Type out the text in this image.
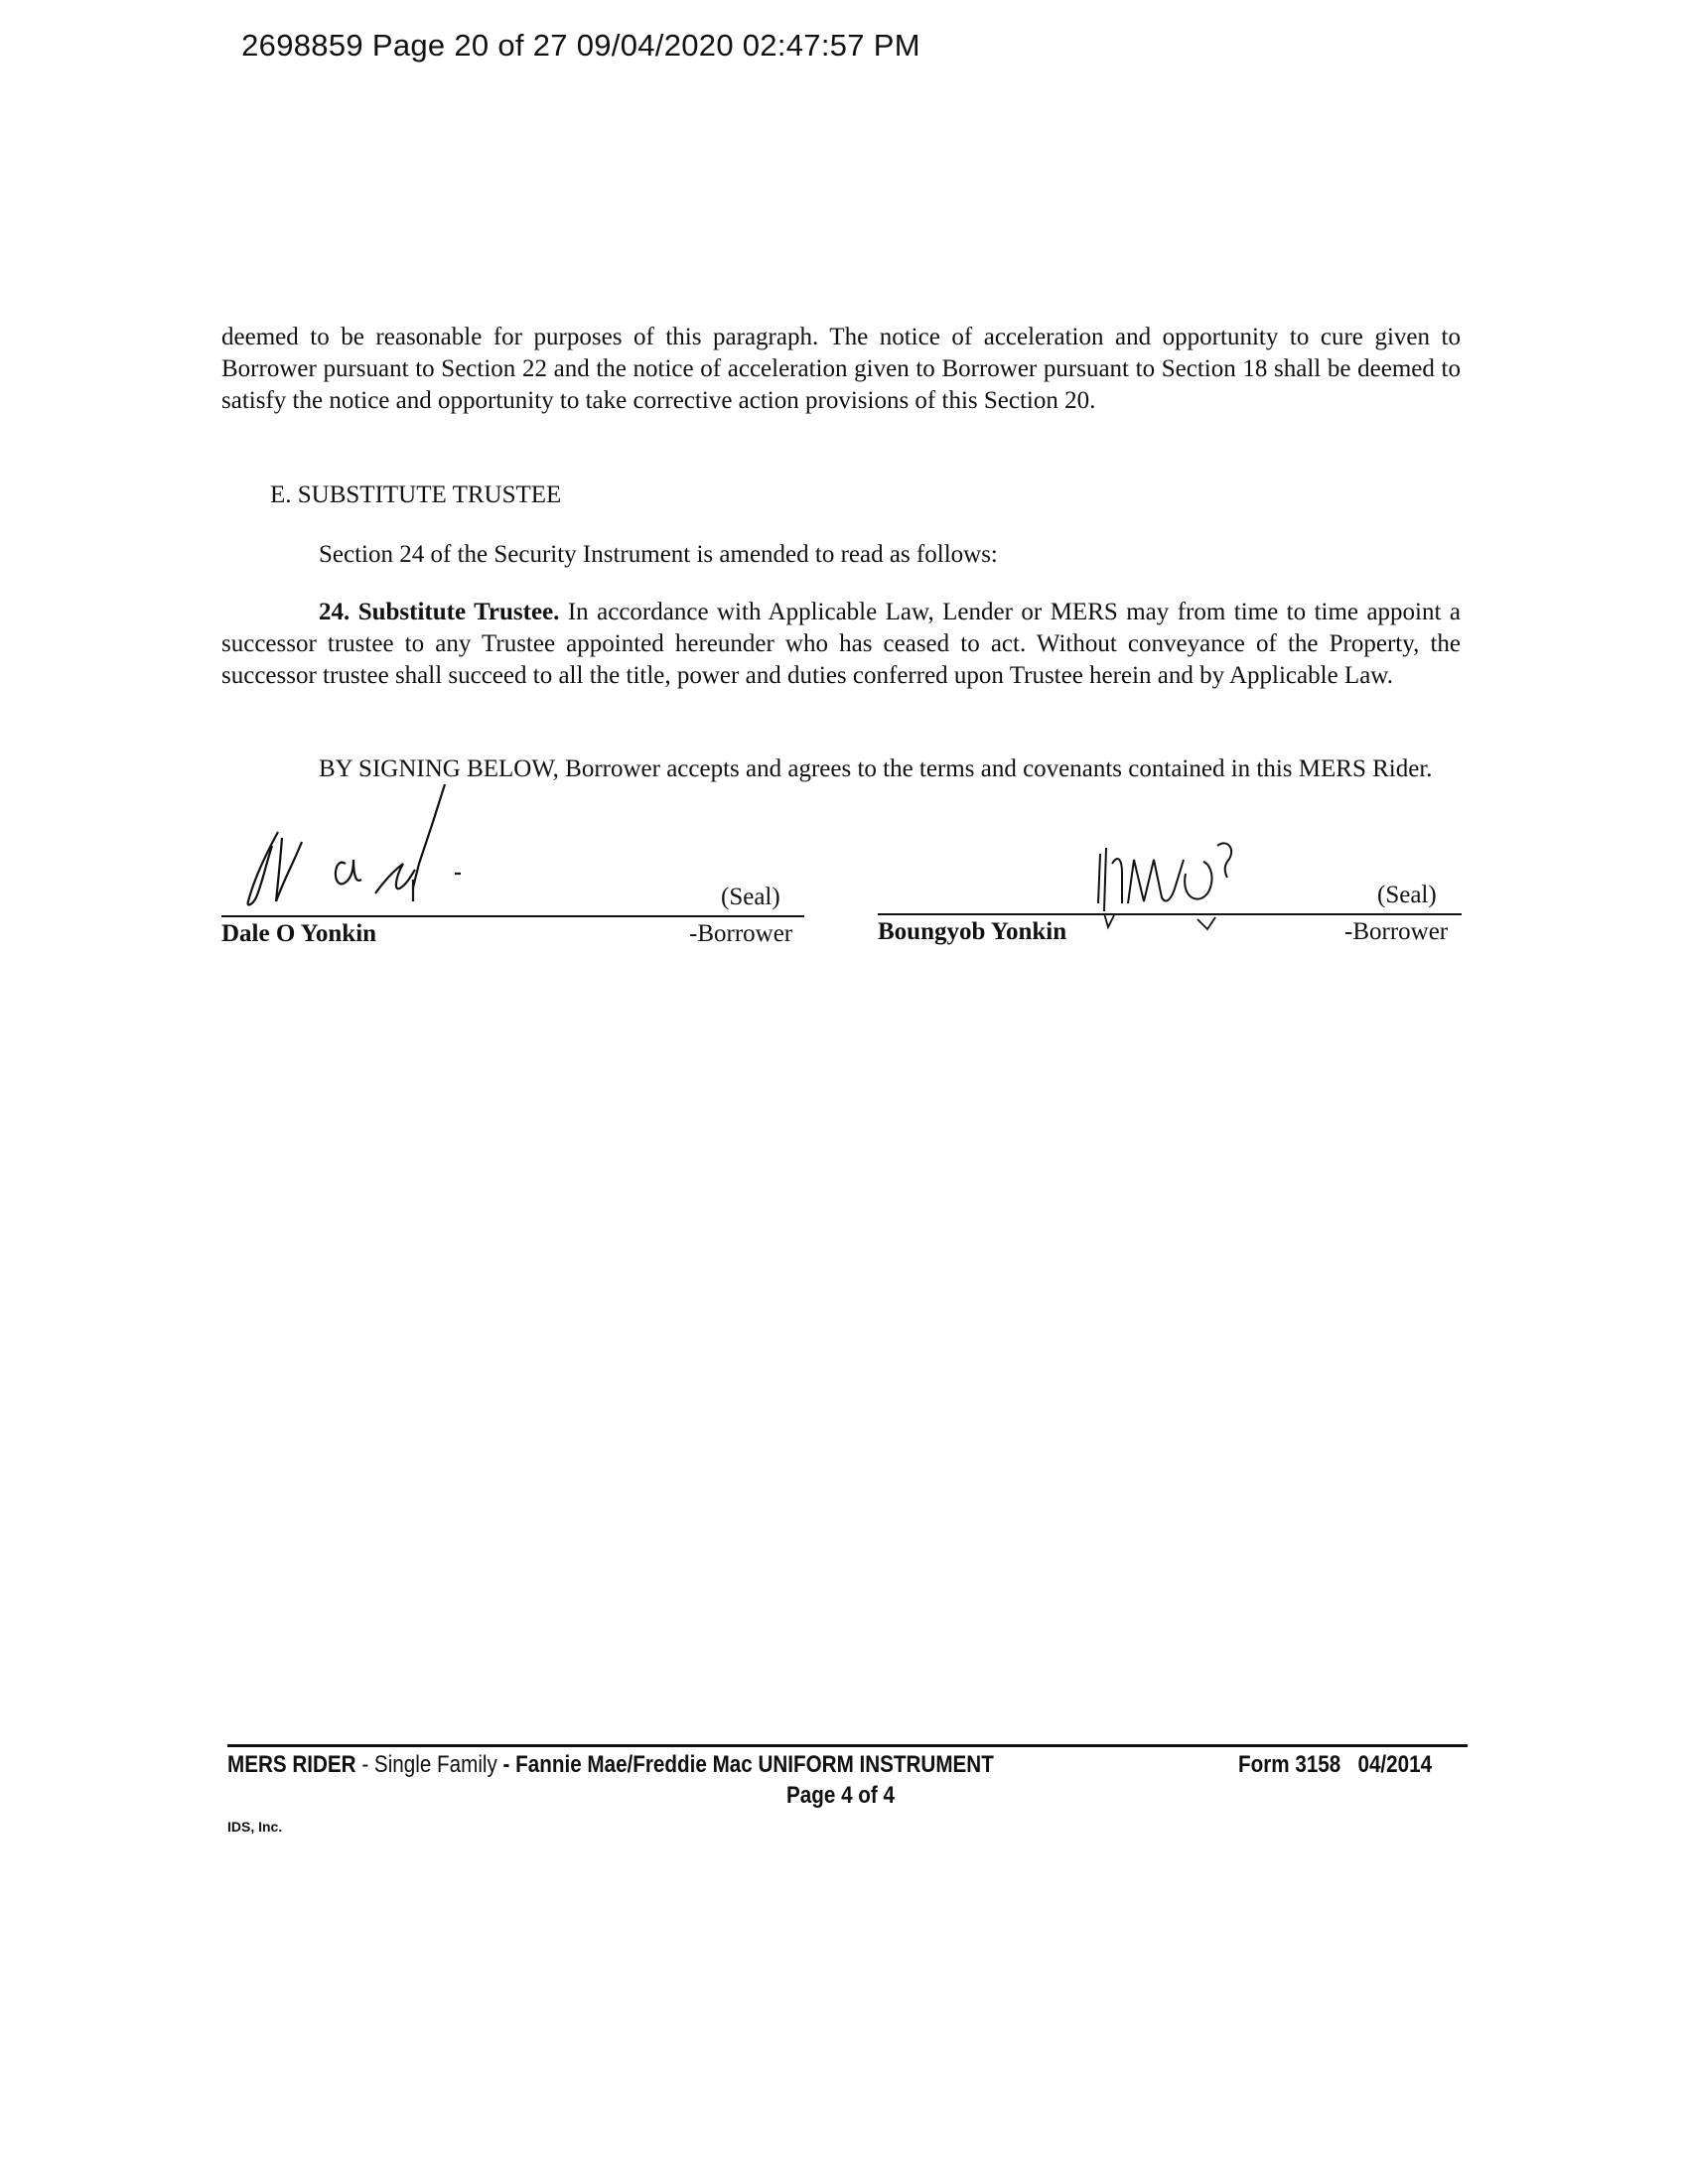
2698859 Page 20 of 27 09/04/2020 02:47:57 PM
deemed to be reasonable for purposes of this paragraph. The notice of acceleration and opportunity to cure given to Borrower pursuant to Section 22 and the notice of acceleration given to Borrower pursuant to Section 18 shall be deemed to satisfy the notice and opportunity to take corrective action provisions of this Section 20.
E. SUBSTITUTE TRUSTEE
Section 24 of the Security Instrument is amended to read as follows:
24. Substitute Trustee. In accordance with Applicable Law, Lender or MERS may from time to time appoint a successor trustee to any Trustee appointed hereunder who has ceased to act. Without conveyance of the Property, the successor trustee shall succeed to all the title, power and duties conferred upon Trustee herein and by Applicable Law.
BY SIGNING BELOW, Borrower accepts and agrees to the terms and covenants contained in this MERS Rider.
(Seal)
Dale O Yonkin	-Borrower
(Seal)
Boungyob Yonkin	-Borrower
MERS RIDER - Single Family - Fannie Mae/Freddie Mac UNIFORM INSTRUMENT	Form 3158 04/2014
Page 4 of 4
IDS, Inc.
